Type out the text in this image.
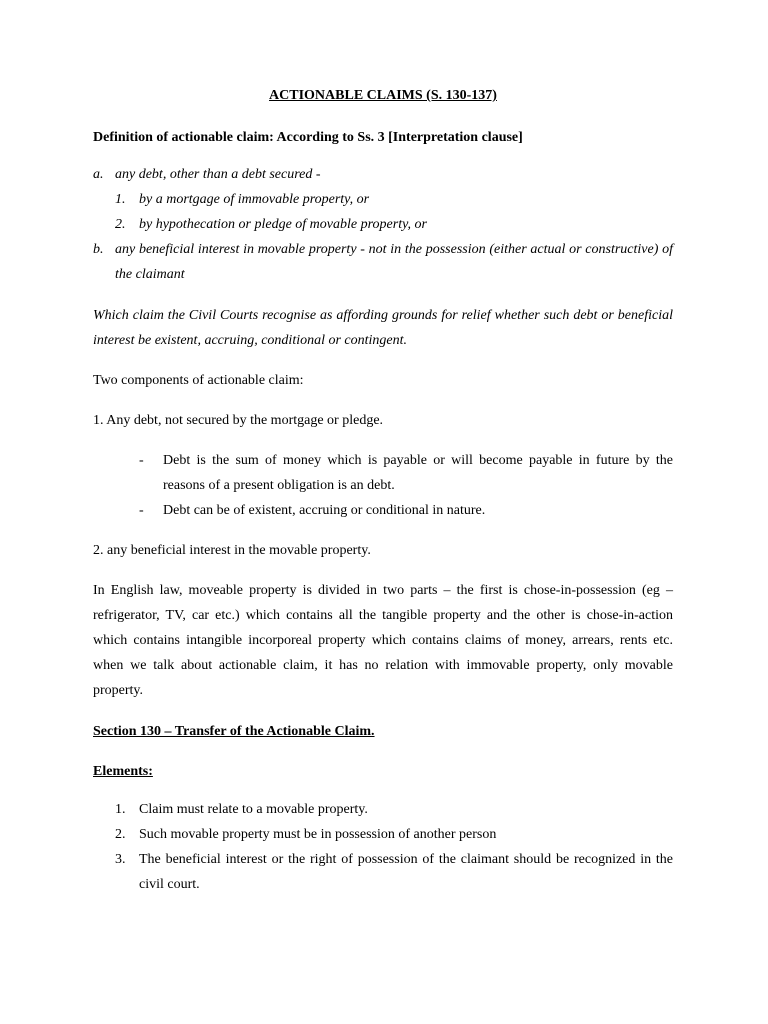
ACTIONABLE CLAIMS (S. 130-137)
Definition of actionable claim: According to Ss. 3 [Interpretation clause]
a. any debt, other than a debt secured -
1. by a mortgage of immovable property, or
2. by hypothecation or pledge of movable property, or
b. any beneficial interest in movable property - not in the possession (either actual or constructive) of the claimant
Which claim the Civil Courts recognise as affording grounds for relief whether such debt or beneficial interest be existent, accruing, conditional or contingent.
Two components of actionable claim:
1. Any debt, not secured by the mortgage or pledge.
- Debt is the sum of money which is payable or will become payable in future by the reasons of a present obligation is an debt.
- Debt can be of existent, accruing or conditional in nature.
2. any beneficial interest in the movable property.
In English law, moveable property is divided in two parts – the first is chose-in-possession (eg – refrigerator, TV, car etc.) which contains all the tangible property and the other is chose-in-action which contains intangible incorporeal property which contains claims of money, arrears, rents etc. when we talk about actionable claim, it has no relation with immovable property, only movable property.
Section 130 – Transfer of the Actionable Claim.
Elements:
1. Claim must relate to a movable property.
2. Such movable property must be in possession of another person
3. The beneficial interest or the right of possession of the claimant should be recognized in the civil court.
